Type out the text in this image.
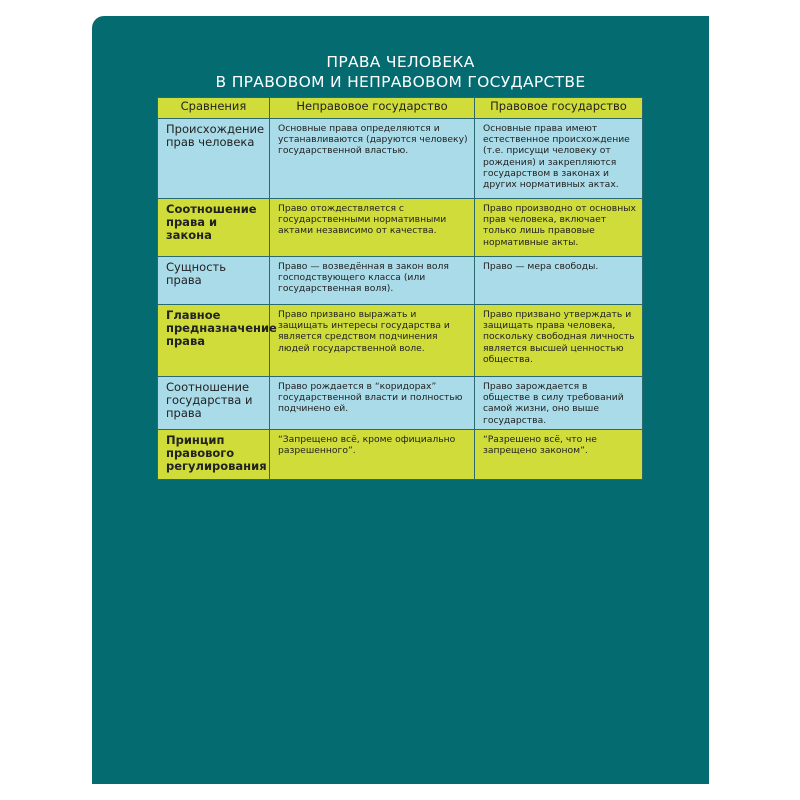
ПРАВА ЧЕЛОВЕКА
В ПРАВОВОМ И НЕПРАВОВОМ ГОСУДАРСТВЕ
Сравнения	Неправовое государство	Правовое государство
Происхождение прав человека	Основные права определяются и устанавливаются (даруются человеку) государственной властью.	Основные права имеют естественное происхождение (т.е. присущи человеку от рождения) и закрепляются государством в законах и других нормативных актах.
Соотношение права и закона	Право отождествляется с государственными нормативными актами независимо от качества.	Право производно от основных прав человека, включает только лишь правовые нормативные акты.
Сущность права	Право — возведённая в закон воля господствующего класса (или государственная воля).	Право — мера свободы.
Главное предназначение права	Право призвано выражать и защищать интересы государства и является средством подчинения людей государственной воле.	Право призвано утверждать и защищать права человека, поскольку свободная личность является высшей ценностью общества.
Соотношение государства и права	Право рождается в “коридорах” государственной власти и полностью подчинено ей.	Право зарождается в обществе в силу требований самой жизни, оно выше государства.
Принцип правового регулирования	“Запрещено всё, кроме официально разрешенного”.	“Разрешено всё, что не запрещено законом”.
